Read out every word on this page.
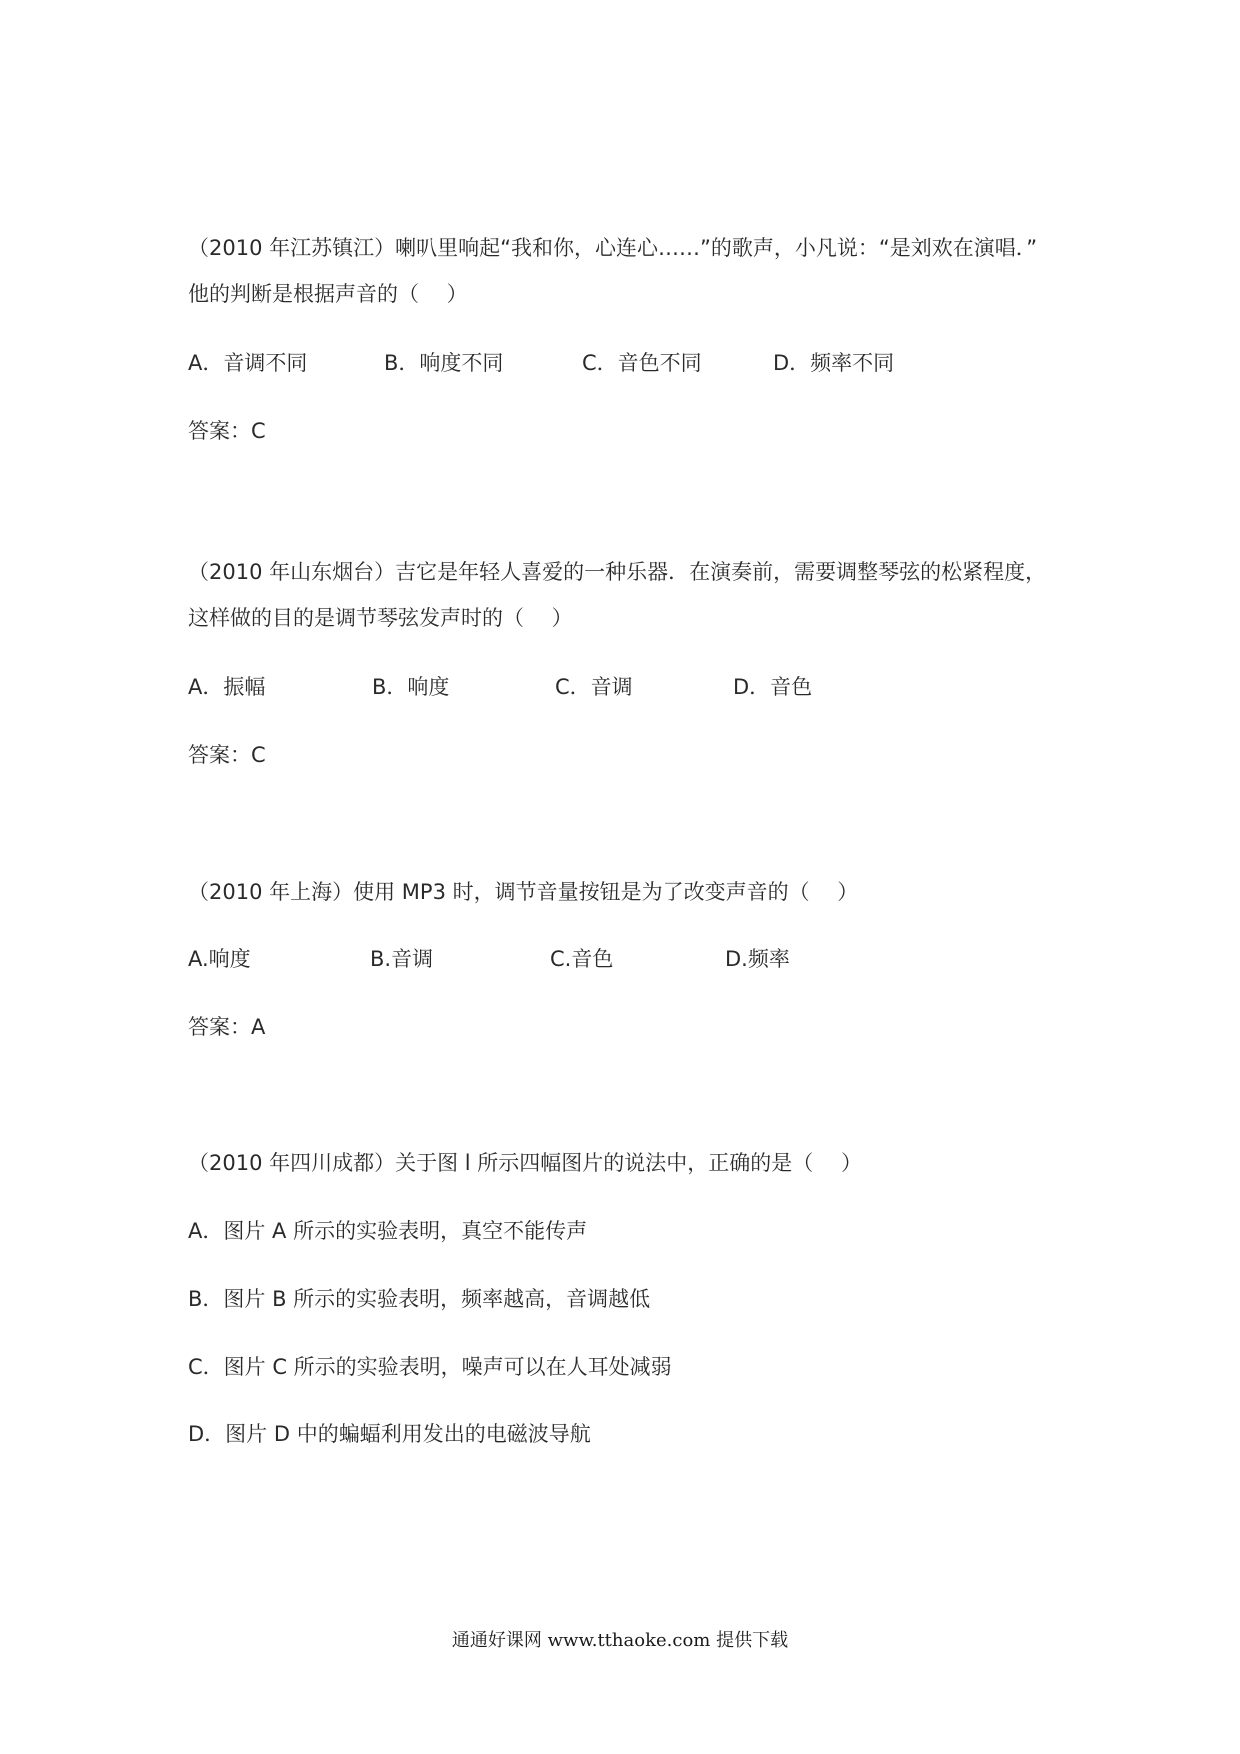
（2010 年江苏镇江）喇叭里响起“我和你，心连心……”的歌声，小凡说：“是刘欢在演唱．”
他的判断是根据声音的（　 ）
A．音调不同	B．响度不同	C．音色不同	D．频率不同
答案：C
（2010 年山东烟台）吉它是年轻人喜爱的一种乐器．在演奏前，需要调整琴弦的松紧程度，
这样做的目的是调节琴弦发声时的（　 ）
A．振幅	B．响度	C．音调	D．音色
答案：C
（2010 年上海）使用 MP3 时，调节音量按钮是为了改变声音的（　 ）
A.响度	B.音调	C.音色	D.频率
答案：A
（2010 年四川成都）关于图 l 所示四幅图片的说法中，正确的是（　 ）
A．图片 A 所示的实验表明，真空不能传声
B．图片 B 所示的实验表明，频率越高，音调越低
C．图片 C 所示的实验表明，噪声可以在人耳处减弱
D．图片 D 中的蝙蝠利用发出的电磁波导航
通通好课网 www.tthaoke.com 提供下载
